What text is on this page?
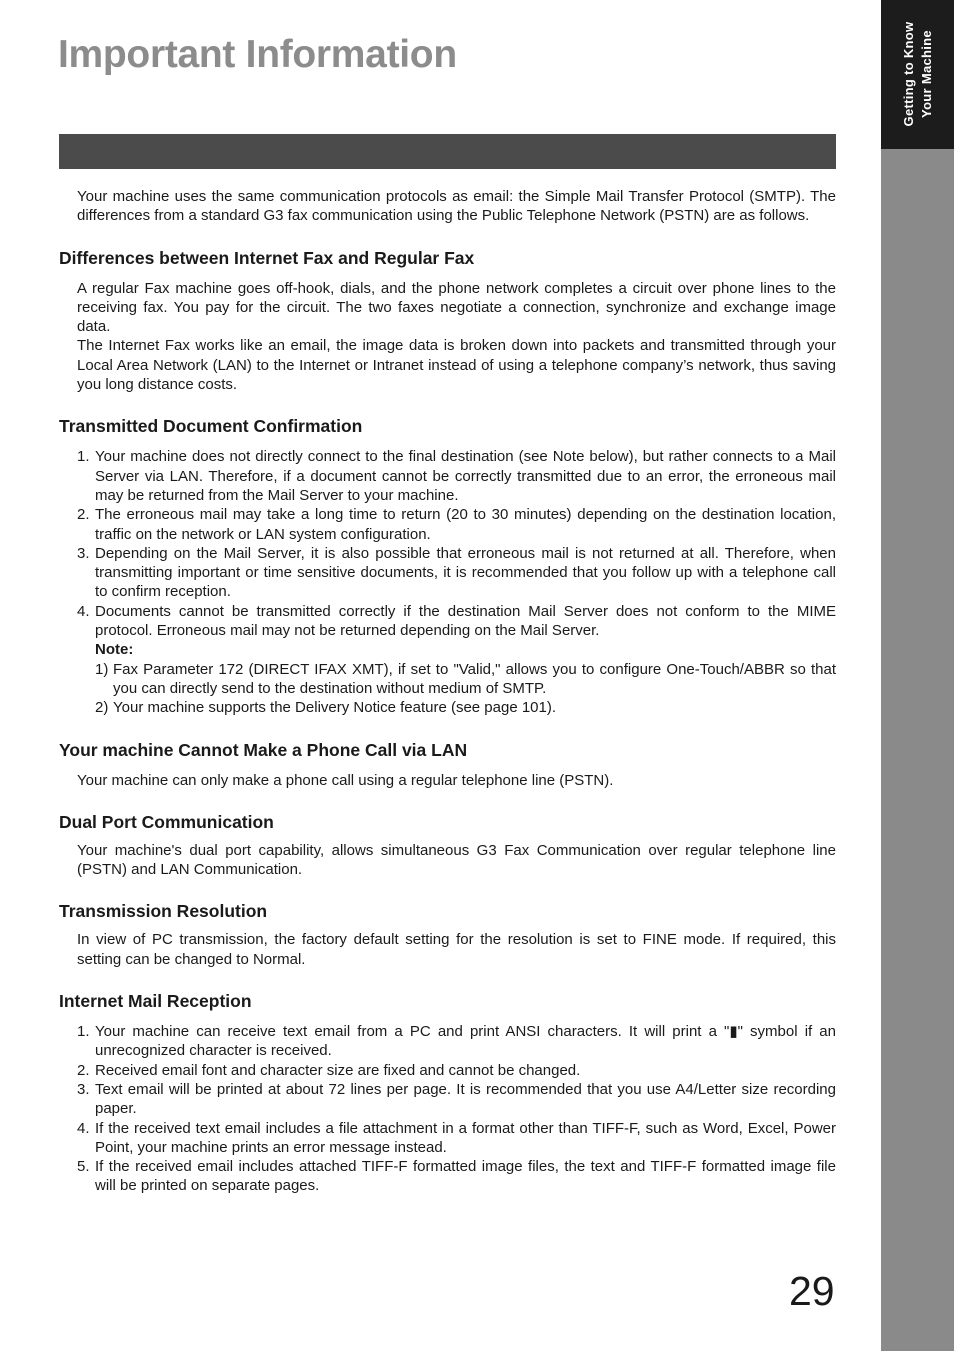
Getting to Know Your Machine
Important Information

Your machine uses the same communication protocols as email: the Simple Mail Transfer Protocol (SMTP). The differences from a standard G3 fax communication using the Public Telephone Network (PSTN) are as follows.

Differences between Internet Fax and Regular Fax

A regular Fax machine goes off-hook, dials, and the phone network completes a circuit over phone lines to the receiving fax. You pay for the circuit. The two faxes negotiate a connection, synchronize and exchange image data.

The Internet Fax works like an email, the image data is broken down into packets and transmitted through your Local Area Network (LAN) to the Internet or Intranet instead of using a telephone company’s network, thus saving you long distance costs.

Transmitted Document Confirmation
1. Your machine does not directly connect to the final destination (see Note below), but rather connects to a Mail Server via LAN. Therefore, if a document cannot be correctly transmitted due to an error, the erroneous mail may be returned from the Mail Server to your machine.
2. The erroneous mail may take a long time to return (20 to 30 minutes) depending on the destination location, traffic on the network or LAN system configuration.
3. Depending on the Mail Server, it is also possible that erroneous mail is not returned at all. Therefore, when transmitting important or time sensitive documents, it is recommended that you follow up with a telephone call to confirm reception.
4. Documents cannot be transmitted correctly if the destination Mail Server does not conform to the MIME protocol. Erroneous mail may not be returned depending on the Mail Server.
Note:
1) Fax Parameter 172 (DIRECT IFAX XMT), if set to "Valid," allows you to configure One-Touch/ABBR so that you can directly send to the destination without medium of SMTP.
2) Your machine supports the Delivery Notice feature (see page 101).
Your machine Cannot Make a Phone Call via LAN

Your machine can only make a phone call using a regular telephone line (PSTN).

Dual Port Communication

Your machine's dual port capability, allows simultaneous G3 Fax Communication over regular telephone line (PSTN) and LAN Communication.

Transmission Resolution

In view of PC transmission, the factory default setting for the resolution is set to FINE mode. If required, this setting can be changed to Normal.

Internet Mail Reception
1. Your machine can receive text email from a PC and print ANSI characters. It will print a "▮" symbol if an unrecognized character is received.
2. Received email font and character size are fixed and cannot be changed.
3. Text email will be printed at about 72 lines per page. It is recommended that you use A4/Letter size recording paper.
4. If the received text email includes a file attachment in a format other than TIFF-F, such as Word, Excel, Power Point, your machine prints an error message instead.
5. If the received email includes attached TIFF-F formatted image files, the text and TIFF-F formatted image file will be printed on separate pages.
29
